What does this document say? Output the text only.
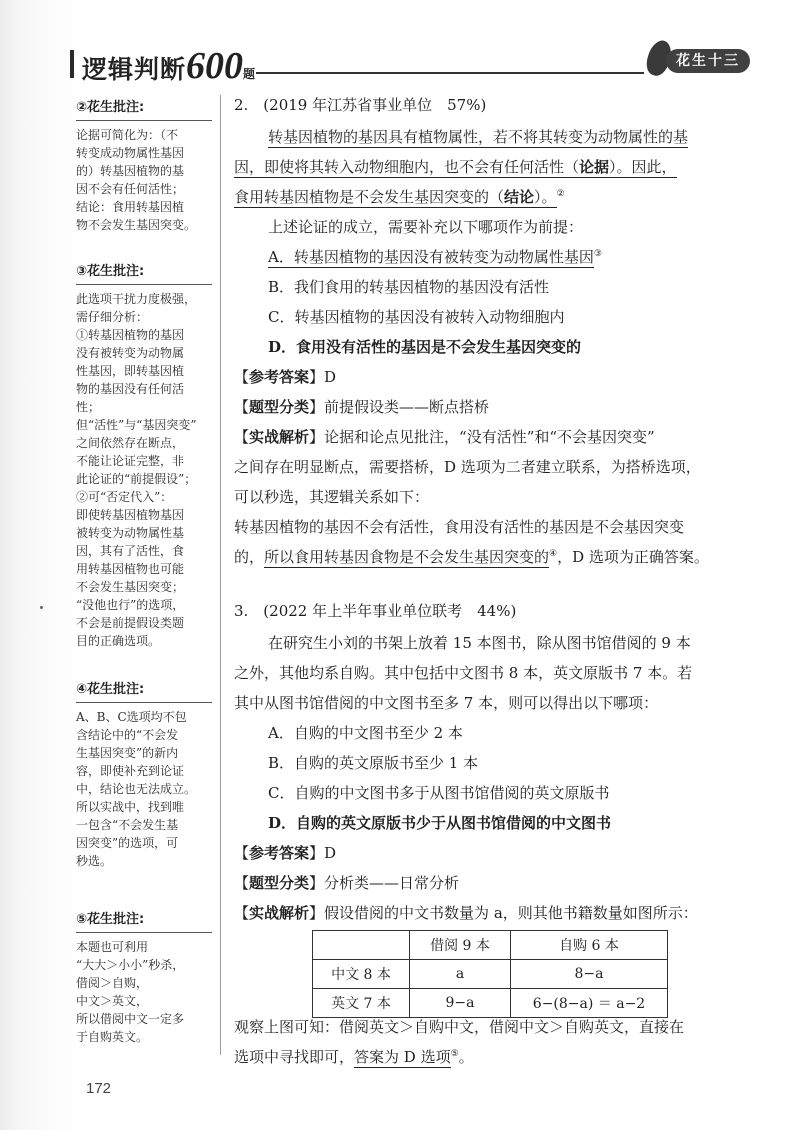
逻辑判断600题
花生十三
②花生批注:
论据可简化为：（不
转变成动物属性基因
的）转基因植物的基
因不会有任何活性；
结论：食用转基因植
物不会发生基因突变。
③花生批注:
此选项干扰力度极强，
需仔细分析：
①转基因植物的基因
没有被转变为动物属
性基因，即转基因植
物的基因没有任何活
性；
但“活性”与“基因突变”
之间依然存在断点，
不能让论证完整，非
此论证的“前提假设”；
②可“否定代入”：
即使转基因植物基因
被转变为动物属性基
因，其有了活性，食
用转基因植物也可能
不会发生基因突变；
“没他也行”的选项，
不会是前提假设类题
目的正确选项。
④花生批注:
A、B、C选项均不包
含结论中的“不会发
生基因突变”的新内
容，即使补充到论证
中，结论也无法成立。
所以实战中，找到唯
一包含“不会发生基
因突变”的选项，可
秒选。
⑤花生批注:
本题也可利用
“大大＞小小”秒杀，
借阅＞自购，
中文＞英文，
所以借阅中文一定多
于自购英文。
2.　(2019 年江苏省事业单位　57%)
转基因植物的基因具有植物属性，若不将其转变为动物属性的基
因，即使将其转入动物细胞内，也不会有任何活性（论据）。因此，
食用转基因植物是不会发生基因突变的（结论）。②
上述论证的成立，需要补充以下哪项作为前提：
A．转基因植物的基因没有被转变为动物属性基因③
B．我们食用的转基因植物的基因没有活性
C．转基因植物的基因没有被转入动物细胞内
D．食用没有活性的基因是不会发生基因突变的
【参考答案】D
【题型分类】前提假设类——断点搭桥
【实战解析】论据和论点见批注，“没有活性”和“不会基因突变”
之间存在明显断点，需要搭桥，D 选项为二者建立联系，为搭桥选项，
可以秒选，其逻辑关系如下：
转基因植物的基因不会有活性，食用没有活性的基因是不会基因突变
的，所以食用转基因食物是不会发生基因突变的④，D 选项为正确答案。
3.　(2022 年上半年事业单位联考　44%)
在研究生小刘的书架上放着 15 本图书，除从图书馆借阅的 9 本
之外，其他均系自购。其中包括中文图书 8 本，英文原版书 7 本。若
其中从图书馆借阅的中文图书至多 7 本，则可以得出以下哪项：
A．自购的中文图书至少 2 本
B．自购的英文原版书至少 1 本
C．自购的中文图书多于从图书馆借阅的英文原版书
D．自购的英文原版书少于从图书馆借阅的中文图书
【参考答案】D
【题型分类】分析类——日常分析
【实战解析】假设借阅的中文书数量为 a，则其他书籍数量如图所示：
	借阅 9 本	自购 6 本
中文 8 本	a	8−a
英文 7 本	9−a	6−(8−a) ＝ a−2
观察上图可知：借阅英文＞自购中文，借阅中文＞自购英文，直接在
选项中寻找即可，答案为 D 选项⑤。
172
